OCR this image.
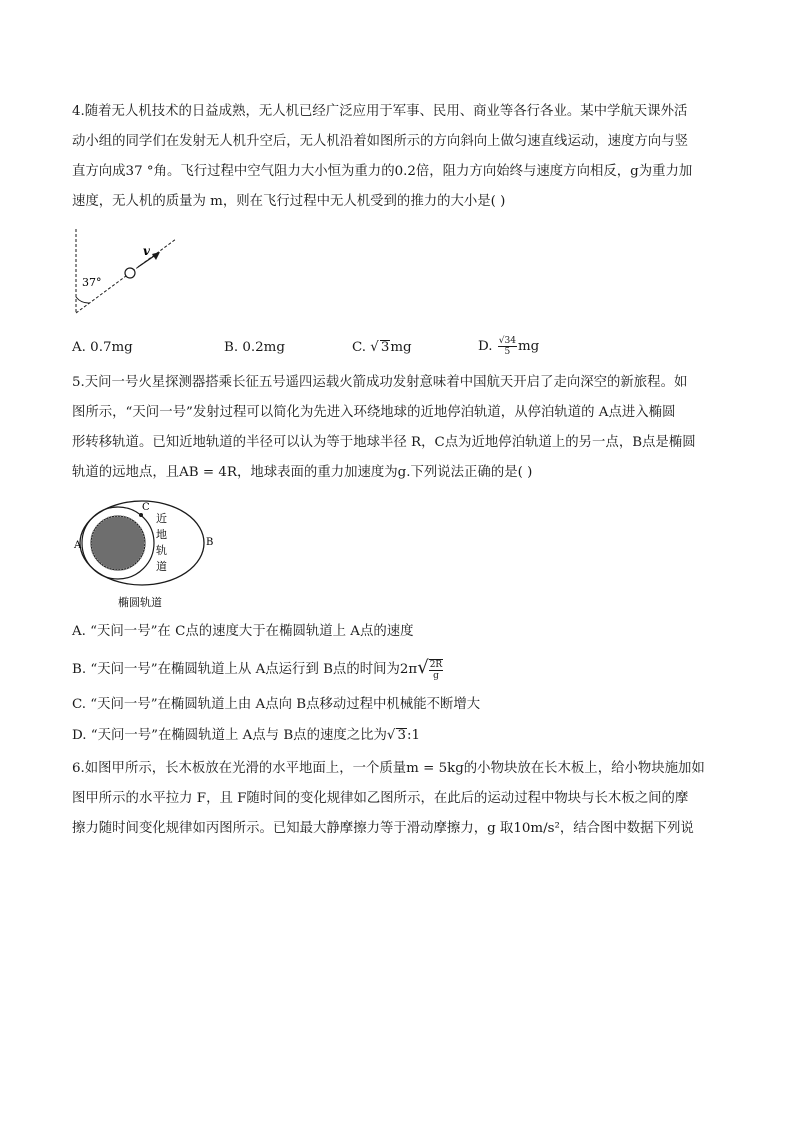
4.随着无人机技术的日益成熟，无人机已经广泛应用于军事、民用、商业等各行各业。某中学航天课外活
动小组的同学们在发射无人机升空后，无人机沿着如图所示的方向斜向上做匀速直线运动，速度方向与竖
直方向成37 °角。飞行过程中空气阻力大小恒为重力的0.2倍，阻力方向始终与速度方向相反，g为重力加
速度，无人机的质量为 m，则在飞行过程中无人机受到的推力的大小是( )
v
37°
A. 0.7mg	B. 0.2mg	C. √ 3mg	D. $\frac{√34}{5}$ mg
5.天问一号火星探测器搭乘长征五号遥四运载火箭成功发射意味着中国航天开启了走向深空的新旅程。如
图所示，“天问一号”发射过程可以简化为先进入环绕地球的近地停泊轨道，从停泊轨道的 A点进入椭圆
形转移轨道。已知近地轨道的半径可以认为等于地球半径 R，C点为近地停泊轨道上的另一点，B点是椭圆
轨道的远地点，且AB = 4R，地球表面的重力加速度为g.下列说法正确的是( )
C
A	B
近
地
轨
道
椭圆轨道
A. “天问一号”在 C点的速度大于在椭圆轨道上 A点的速度
B. “天问一号”在椭圆轨道上从 A点运行到 B点的时间为$2\pi√ \frac{2R}{g}$
C. “天问一号”在椭圆轨道上由 A点向 B点移动过程中机械能不断增大
D. “天问一号”在椭圆轨道上 A点与 B点的速度之比为√ 3:1
6.如图甲所示，长木板放在光滑的水平地面上，一个质量m = 5kg的小物块放在长木板上，给小物块施加如
图甲所示的水平拉力 F，且 F随时间的变化规律如乙图所示，在此后的运动过程中物块与长木板之间的摩
擦力随时间变化规律如丙图所示。已知最大静摩擦力等于滑动摩擦力，g 取10m/s²，结合图中数据下列说
